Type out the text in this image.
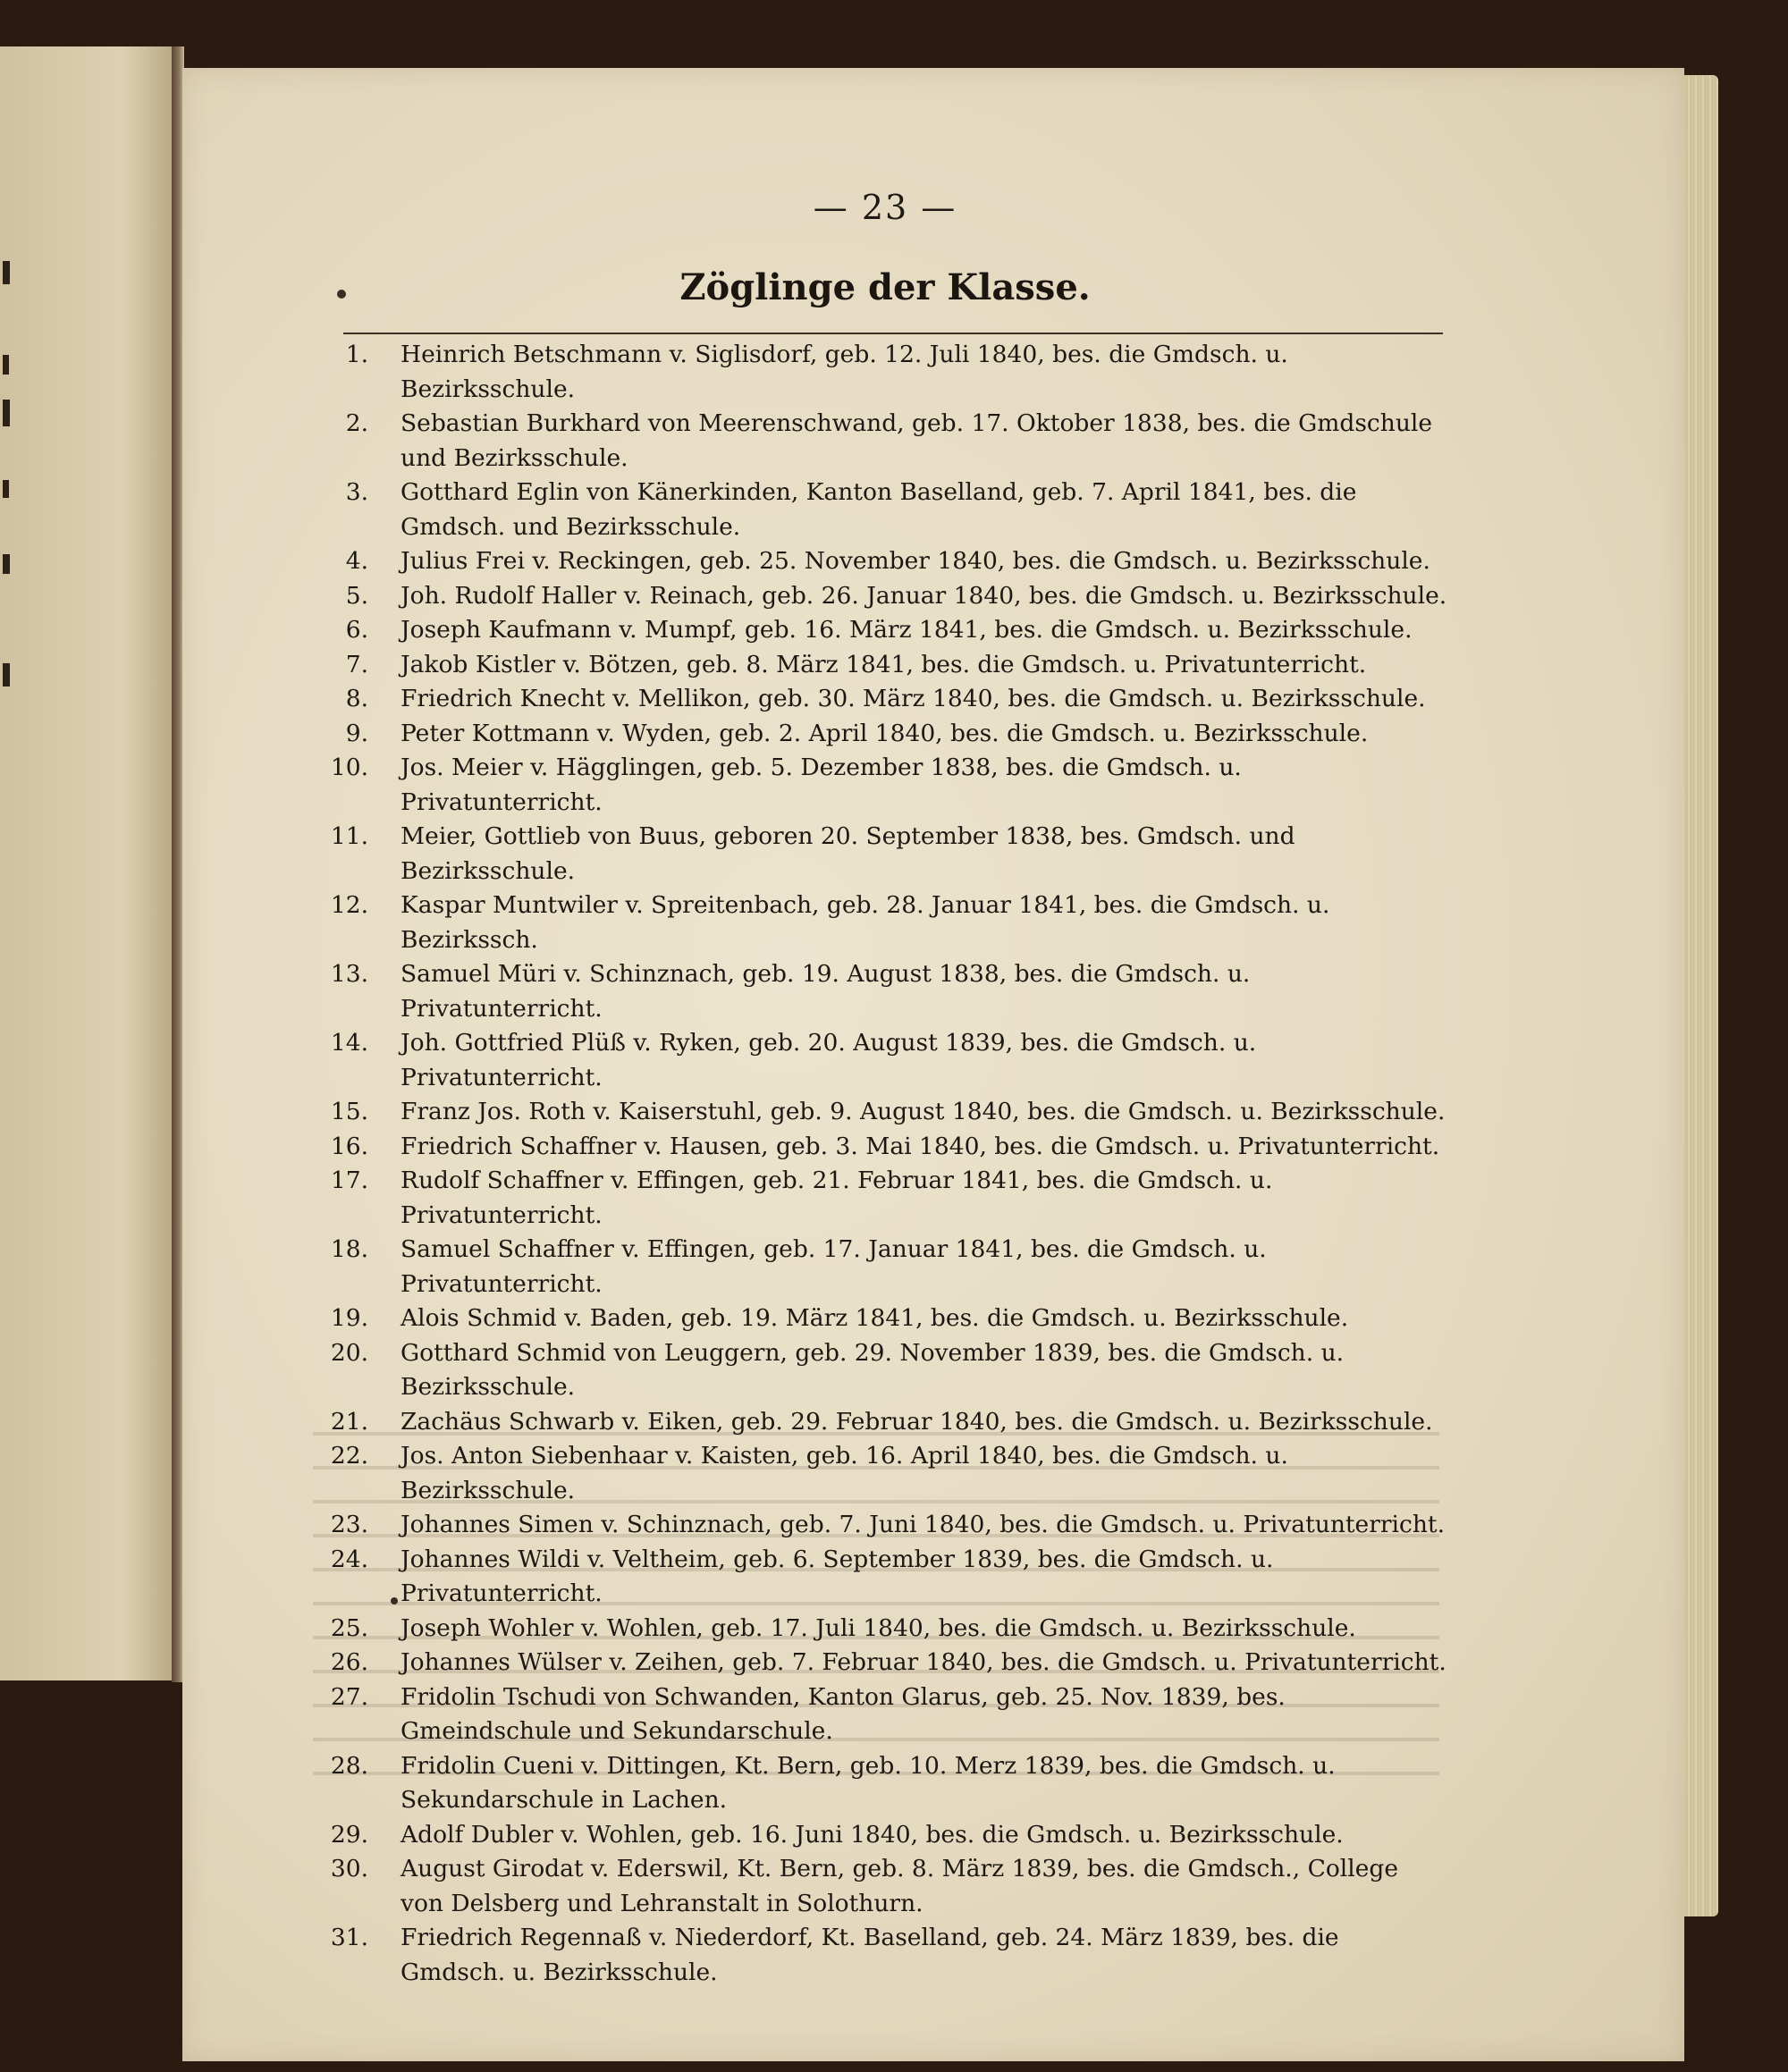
— 23 —
Zöglinge der Klasse.
1.	Heinrich Betschmann v. Siglisdorf, geb. 12. Juli 1840, bes. die Gmdsch. u. Bezirksschule.
2.	Sebastian Burkhard von Meerenschwand, geb. 17. Oktober 1838, bes. die Gmdschule und Bezirksschule.
3.	Gotthard Eglin von Känerkinden, Kanton Baselland, geb. 7. April 1841, bes. die Gmdsch. und Bezirksschule.
4.	Julius Frei v. Reckingen, geb. 25. November 1840, bes. die Gmdsch. u. Bezirksschule.
5.	Joh. Rudolf Haller v. Reinach, geb. 26. Januar 1840, bes. die Gmdsch. u. Bezirksschule.
6.	Joseph Kaufmann v. Mumpf, geb. 16. März 1841, bes. die Gmdsch. u. Bezirksschule.
7.	Jakob Kistler v. Bötzen, geb. 8. März 1841, bes. die Gmdsch. u. Privatunterricht.
8.	Friedrich Knecht v. Mellikon, geb. 30. März 1840, bes. die Gmdsch. u. Bezirksschule.
9.	Peter Kottmann v. Wyden, geb. 2. April 1840, bes. die Gmdsch. u. Bezirksschule.
10.	Jos. Meier v. Hägglingen, geb. 5. Dezember 1838, bes. die Gmdsch. u. Privatunterricht.
11.	Meier, Gottlieb von Buus, geboren 20. September 1838, bes. Gmdsch. und Bezirksschule.
12.	Kaspar Muntwiler v. Spreitenbach, geb. 28. Januar 1841, bes. die Gmdsch. u. Bezirkssch.
13.	Samuel Müri v. Schinznach, geb. 19. August 1838, bes. die Gmdsch. u. Privatunterricht.
14.	Joh. Gottfried Plüß v. Ryken, geb. 20. August 1839, bes. die Gmdsch. u. Privatunterricht.
15.	Franz Jos. Roth v. Kaiserstuhl, geb. 9. August 1840, bes. die Gmdsch. u. Bezirksschule.
16.	Friedrich Schaffner v. Hausen, geb. 3. Mai 1840, bes. die Gmdsch. u. Privatunterricht.
17.	Rudolf Schaffner v. Effingen, geb. 21. Februar 1841, bes. die Gmdsch. u. Privatunterricht.
18.	Samuel Schaffner v. Effingen, geb. 17. Januar 1841, bes. die Gmdsch. u. Privatunterricht.
19.	Alois Schmid v. Baden, geb. 19. März 1841, bes. die Gmdsch. u. Bezirksschule.
20.	Gotthard Schmid von Leuggern, geb. 29. November 1839, bes. die Gmdsch. u. Bezirksschule.
21.	Zachäus Schwarb v. Eiken, geb. 29. Februar 1840, bes. die Gmdsch. u. Bezirksschule.
22.	Jos. Anton Siebenhaar v. Kaisten, geb. 16. April 1840, bes. die Gmdsch. u. Bezirksschule.
23.	Johannes Simen v. Schinznach, geb. 7. Juni 1840, bes. die Gmdsch. u. Privatunterricht.
24.	Johannes Wildi v. Veltheim, geb. 6. September 1839, bes. die Gmdsch. u. Privatunterricht.
25.	Joseph Wohler v. Wohlen, geb. 17. Juli 1840, bes. die Gmdsch. u. Bezirksschule.
26.	Johannes Wülser v. Zeihen, geb. 7. Februar 1840, bes. die Gmdsch. u. Privatunterricht.
27.	Fridolin Tschudi von Schwanden, Kanton Glarus, geb. 25. Nov. 1839, bes. Gmeindschule und Sekundarschule.
28.	Fridolin Cueni v. Dittingen, Kt. Bern, geb. 10. Merz 1839, bes. die Gmdsch. u. Sekundarschule in Lachen.
29.	Adolf Dubler v. Wohlen, geb. 16. Juni 1840, bes. die Gmdsch. u. Bezirksschule.
30.	August Girodat v. Ederswil, Kt. Bern, geb. 8. März 1839, bes. die Gmdsch., College von Delsberg und Lehranstalt in Solothurn.
31.	Friedrich Regennaß v. Niederdorf, Kt. Baselland, geb. 24. März 1839, bes. die Gmdsch. u. Bezirksschule.
